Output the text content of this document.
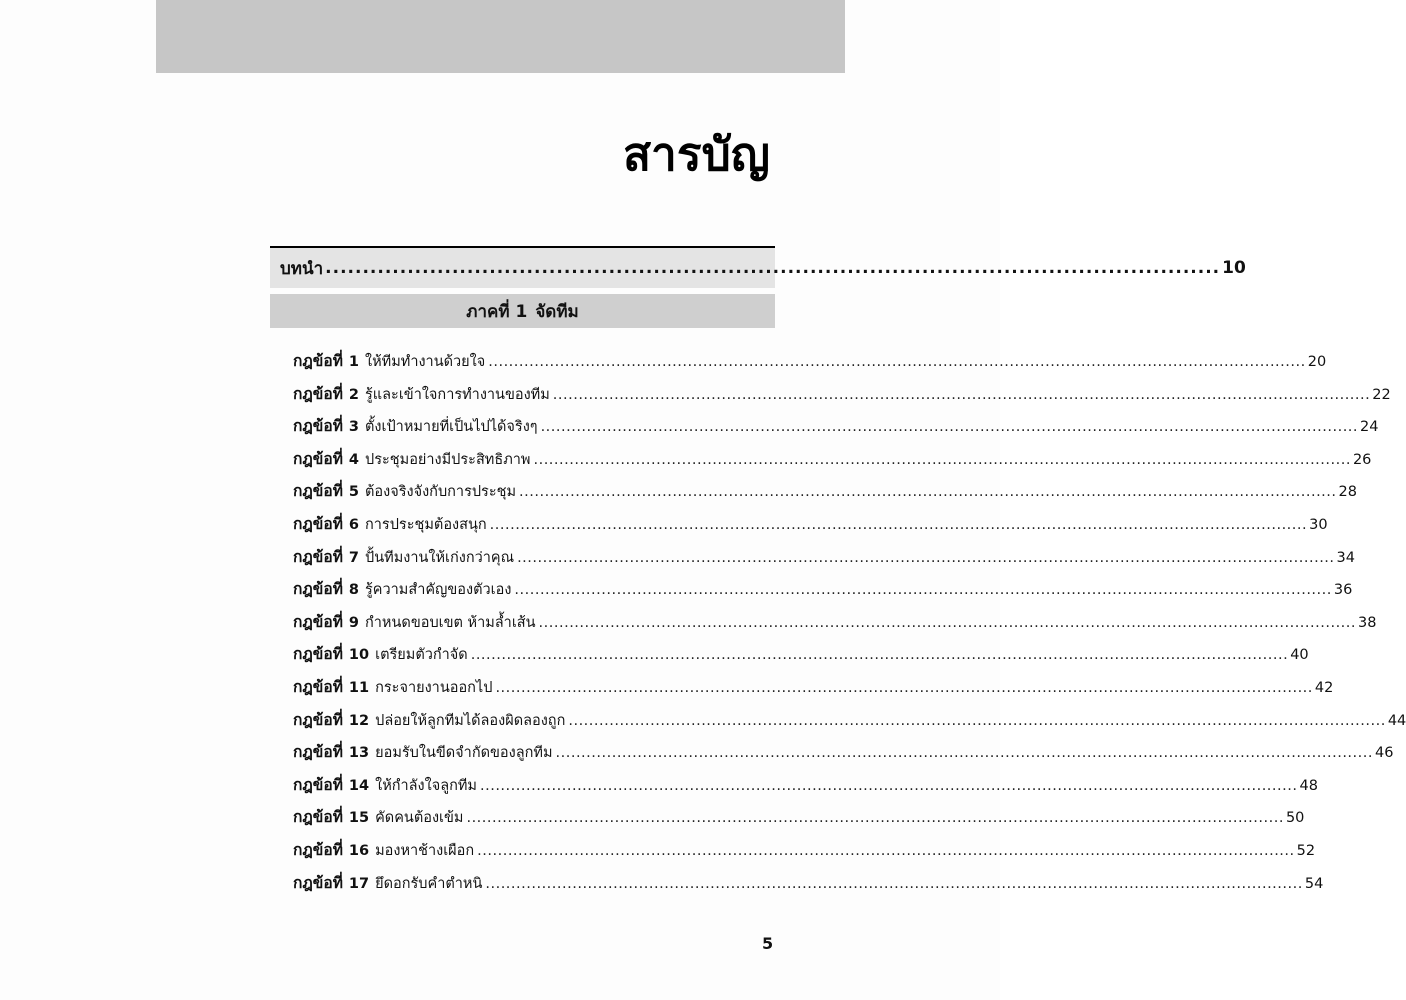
สารบัญ
บทนำ ........................................................................................................................ 10
ภาคที่ 1 จัดทีม
กฎข้อที่ 1 ให้ทีมทำงานด้วยใจ ................................................................................................................................................................ 20
กฎข้อที่ 2 รู้และเข้าใจการทำงานของทีม ................................................................................................................................................................ 22
กฎข้อที่ 3 ตั้งเป้าหมายที่เป็นไปได้จริงๆ ................................................................................................................................................................ 24
กฎข้อที่ 4 ประชุมอย่างมีประสิทธิภาพ ................................................................................................................................................................ 26
กฎข้อที่ 5 ต้องจริงจังกับการประชุม ................................................................................................................................................................ 28
กฎข้อที่ 6 การประชุมต้องสนุก ................................................................................................................................................................ 30
กฎข้อที่ 7 ปั้นทีมงานให้เก่งกว่าคุณ ................................................................................................................................................................ 34
กฎข้อที่ 8 รู้ความสำคัญของตัวเอง ................................................................................................................................................................ 36
กฎข้อที่ 9 กำหนดขอบเขต ห้ามล้ำเส้น ................................................................................................................................................................ 38
กฎข้อที่ 10 เตรียมตัวกำจัด ................................................................................................................................................................ 40
กฎข้อที่ 11 กระจายงานออกไป ................................................................................................................................................................ 42
กฎข้อที่ 12 ปล่อยให้ลูกทีมได้ลองผิดลองถูก ................................................................................................................................................................ 44
กฎข้อที่ 13 ยอมรับในขีดจำกัดของลูกทีม ................................................................................................................................................................ 46
กฎข้อที่ 14 ให้กำลังใจลูกทีม ................................................................................................................................................................ 48
กฎข้อที่ 15 คัดคนต้องเข้ม ................................................................................................................................................................ 50
กฎข้อที่ 16 มองหาช้างเผือก ................................................................................................................................................................ 52
กฎข้อที่ 17 ยึดอกรับคำตำหนิ ................................................................................................................................................................ 54
5
